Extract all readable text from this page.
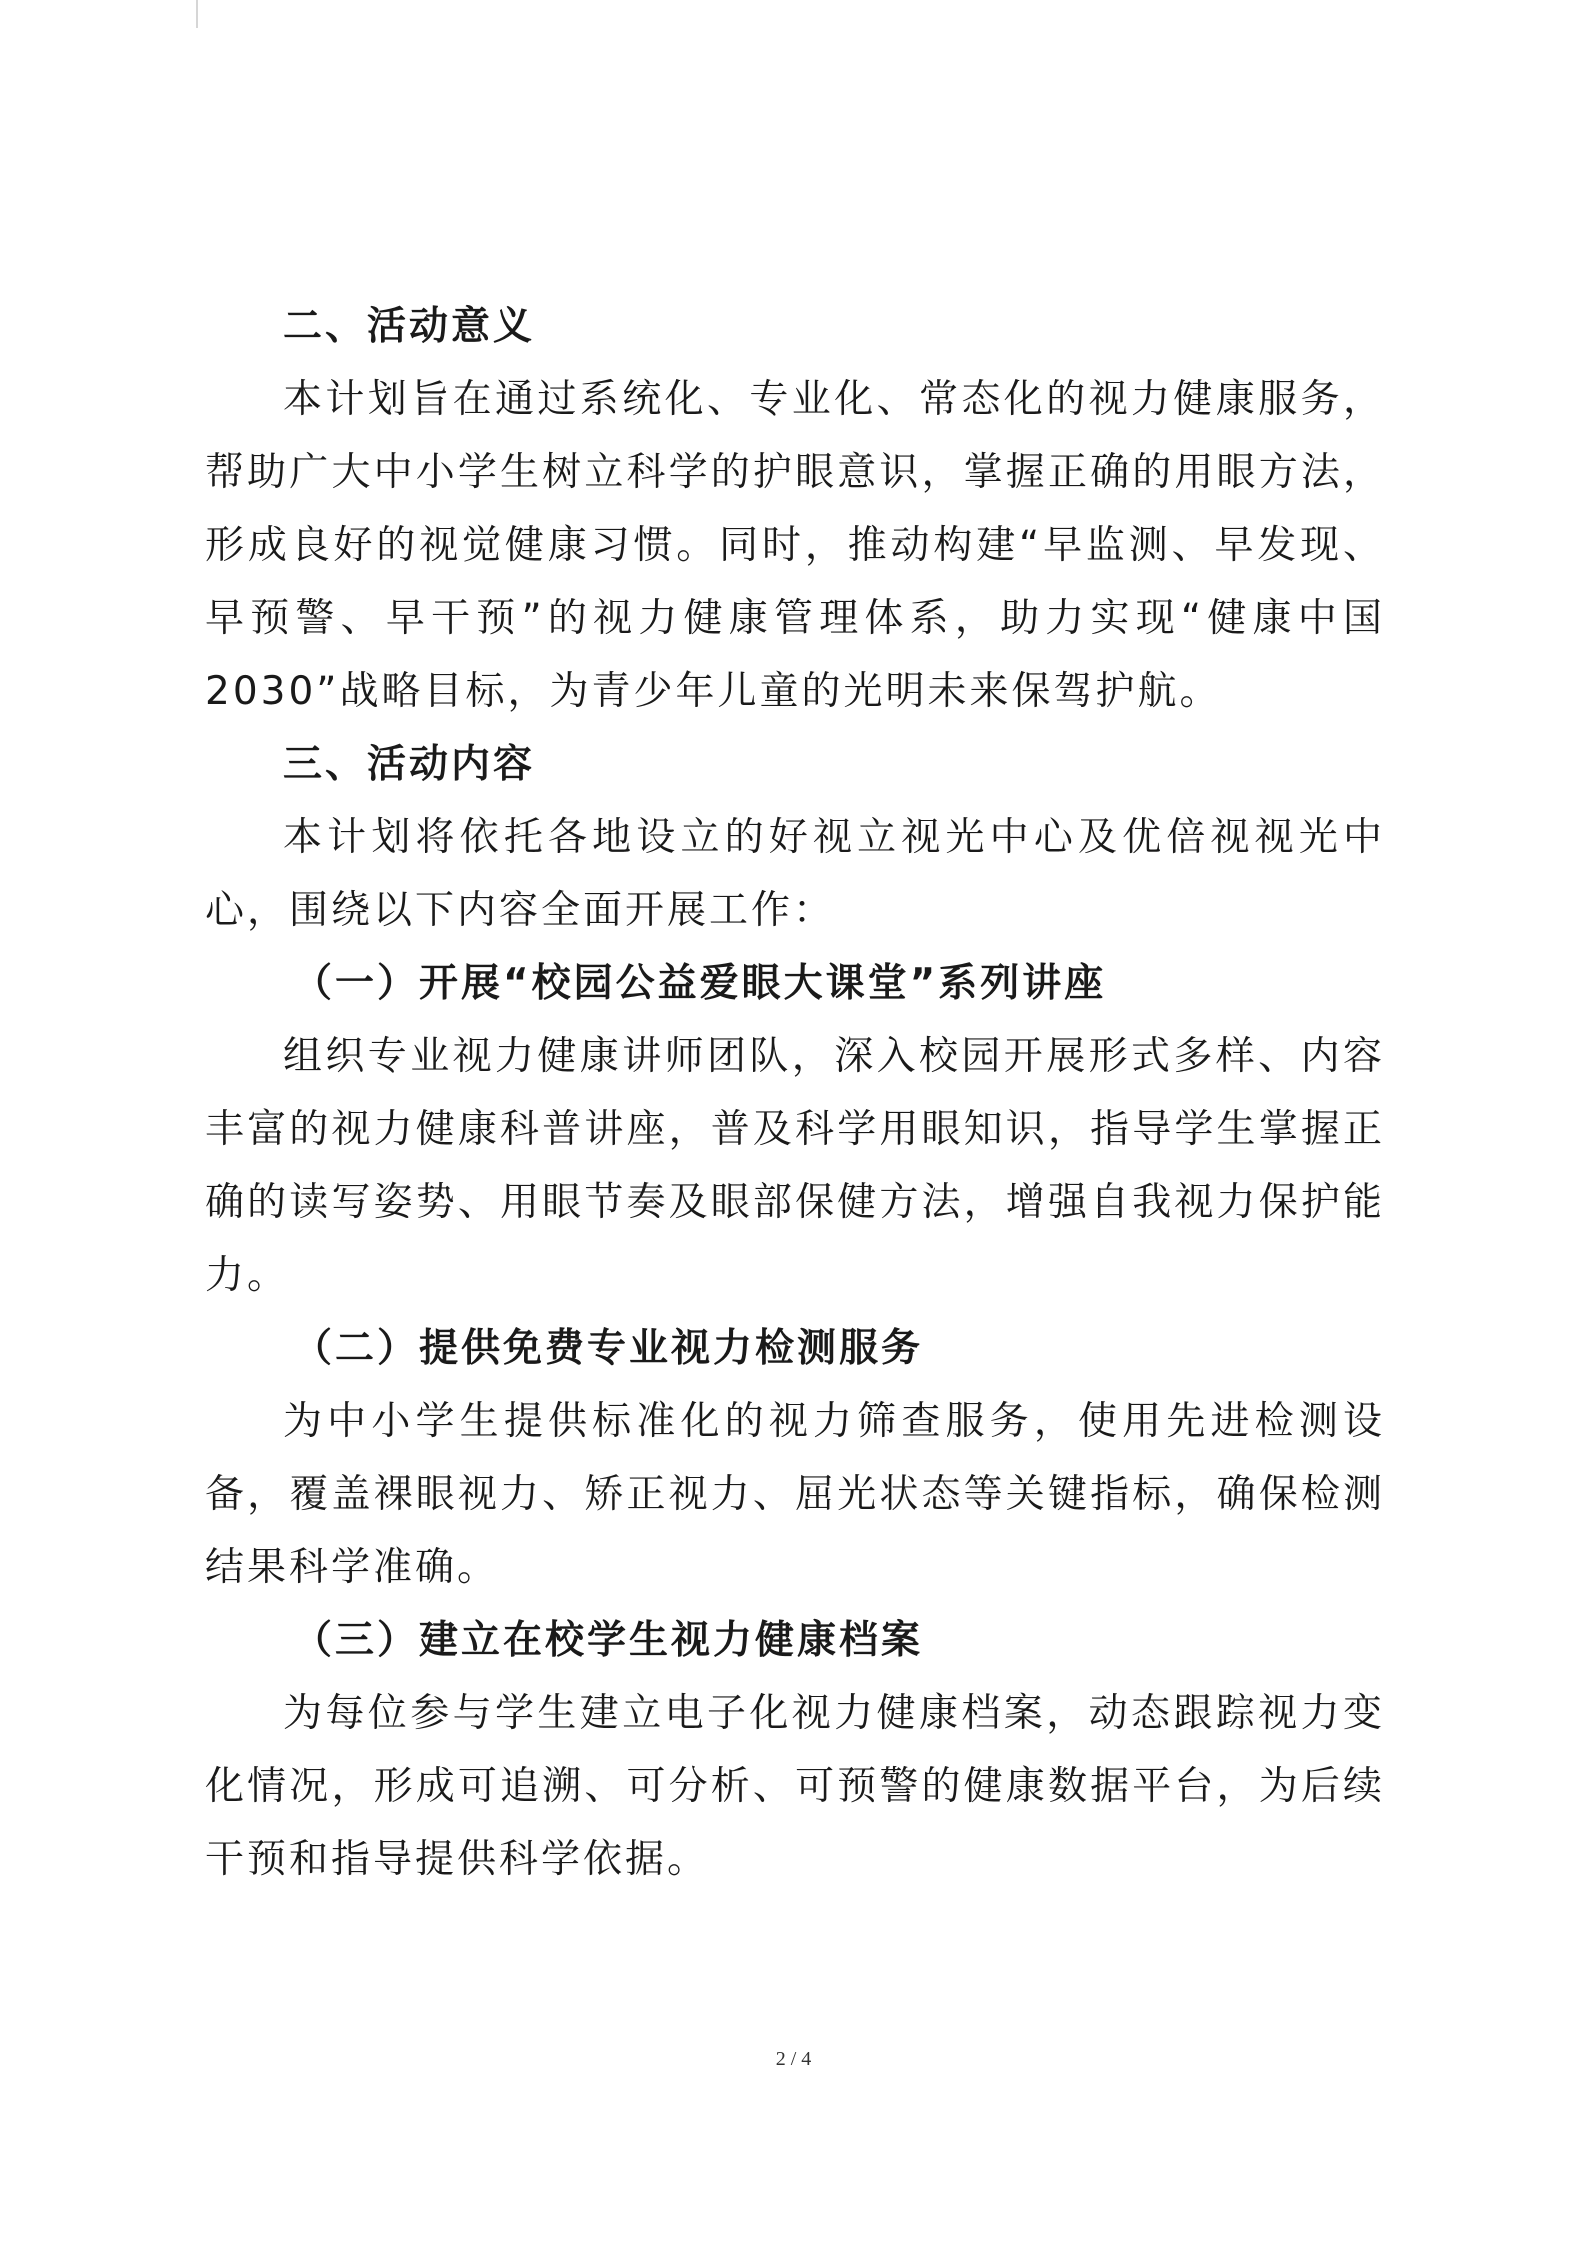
二、活动意义

本计划旨在通过系统化、专业化、常态化的视力健康服务，帮助广大中小学生树立科学的护眼意识，掌握正确的用眼方法，形成良好的视觉健康习惯。同时，推动构建“早监测、早发现、早预警、早干预”的视力健康管理体系，助力实现“健康中国2030”战略目标，为青少年儿童的光明未来保驾护航。

三、活动内容

本计划将依托各地设立的好视立视光中心及优倍视视光中心，围绕以下内容全面开展工作：

（一）开展“校园公益爱眼大课堂”系列讲座

组织专业视力健康讲师团队，深入校园开展形式多样、内容丰富的视力健康科普讲座，普及科学用眼知识，指导学生掌握正确的读写姿势、用眼节奏及眼部保健方法，增强自我视力保护能力。

（二）提供免费专业视力检测服务

为中小学生提供标准化的视力筛查服务，使用先进检测设备，覆盖裸眼视力、矫正视力、屈光状态等关键指标，确保检测结果科学准确。

（三）建立在校学生视力健康档案

为每位参与学生建立电子化视力健康档案，动态跟踪视力变化情况，形成可追溯、可分析、可预警的健康数据平台，为后续干预和指导提供科学依据。

2 / 4
